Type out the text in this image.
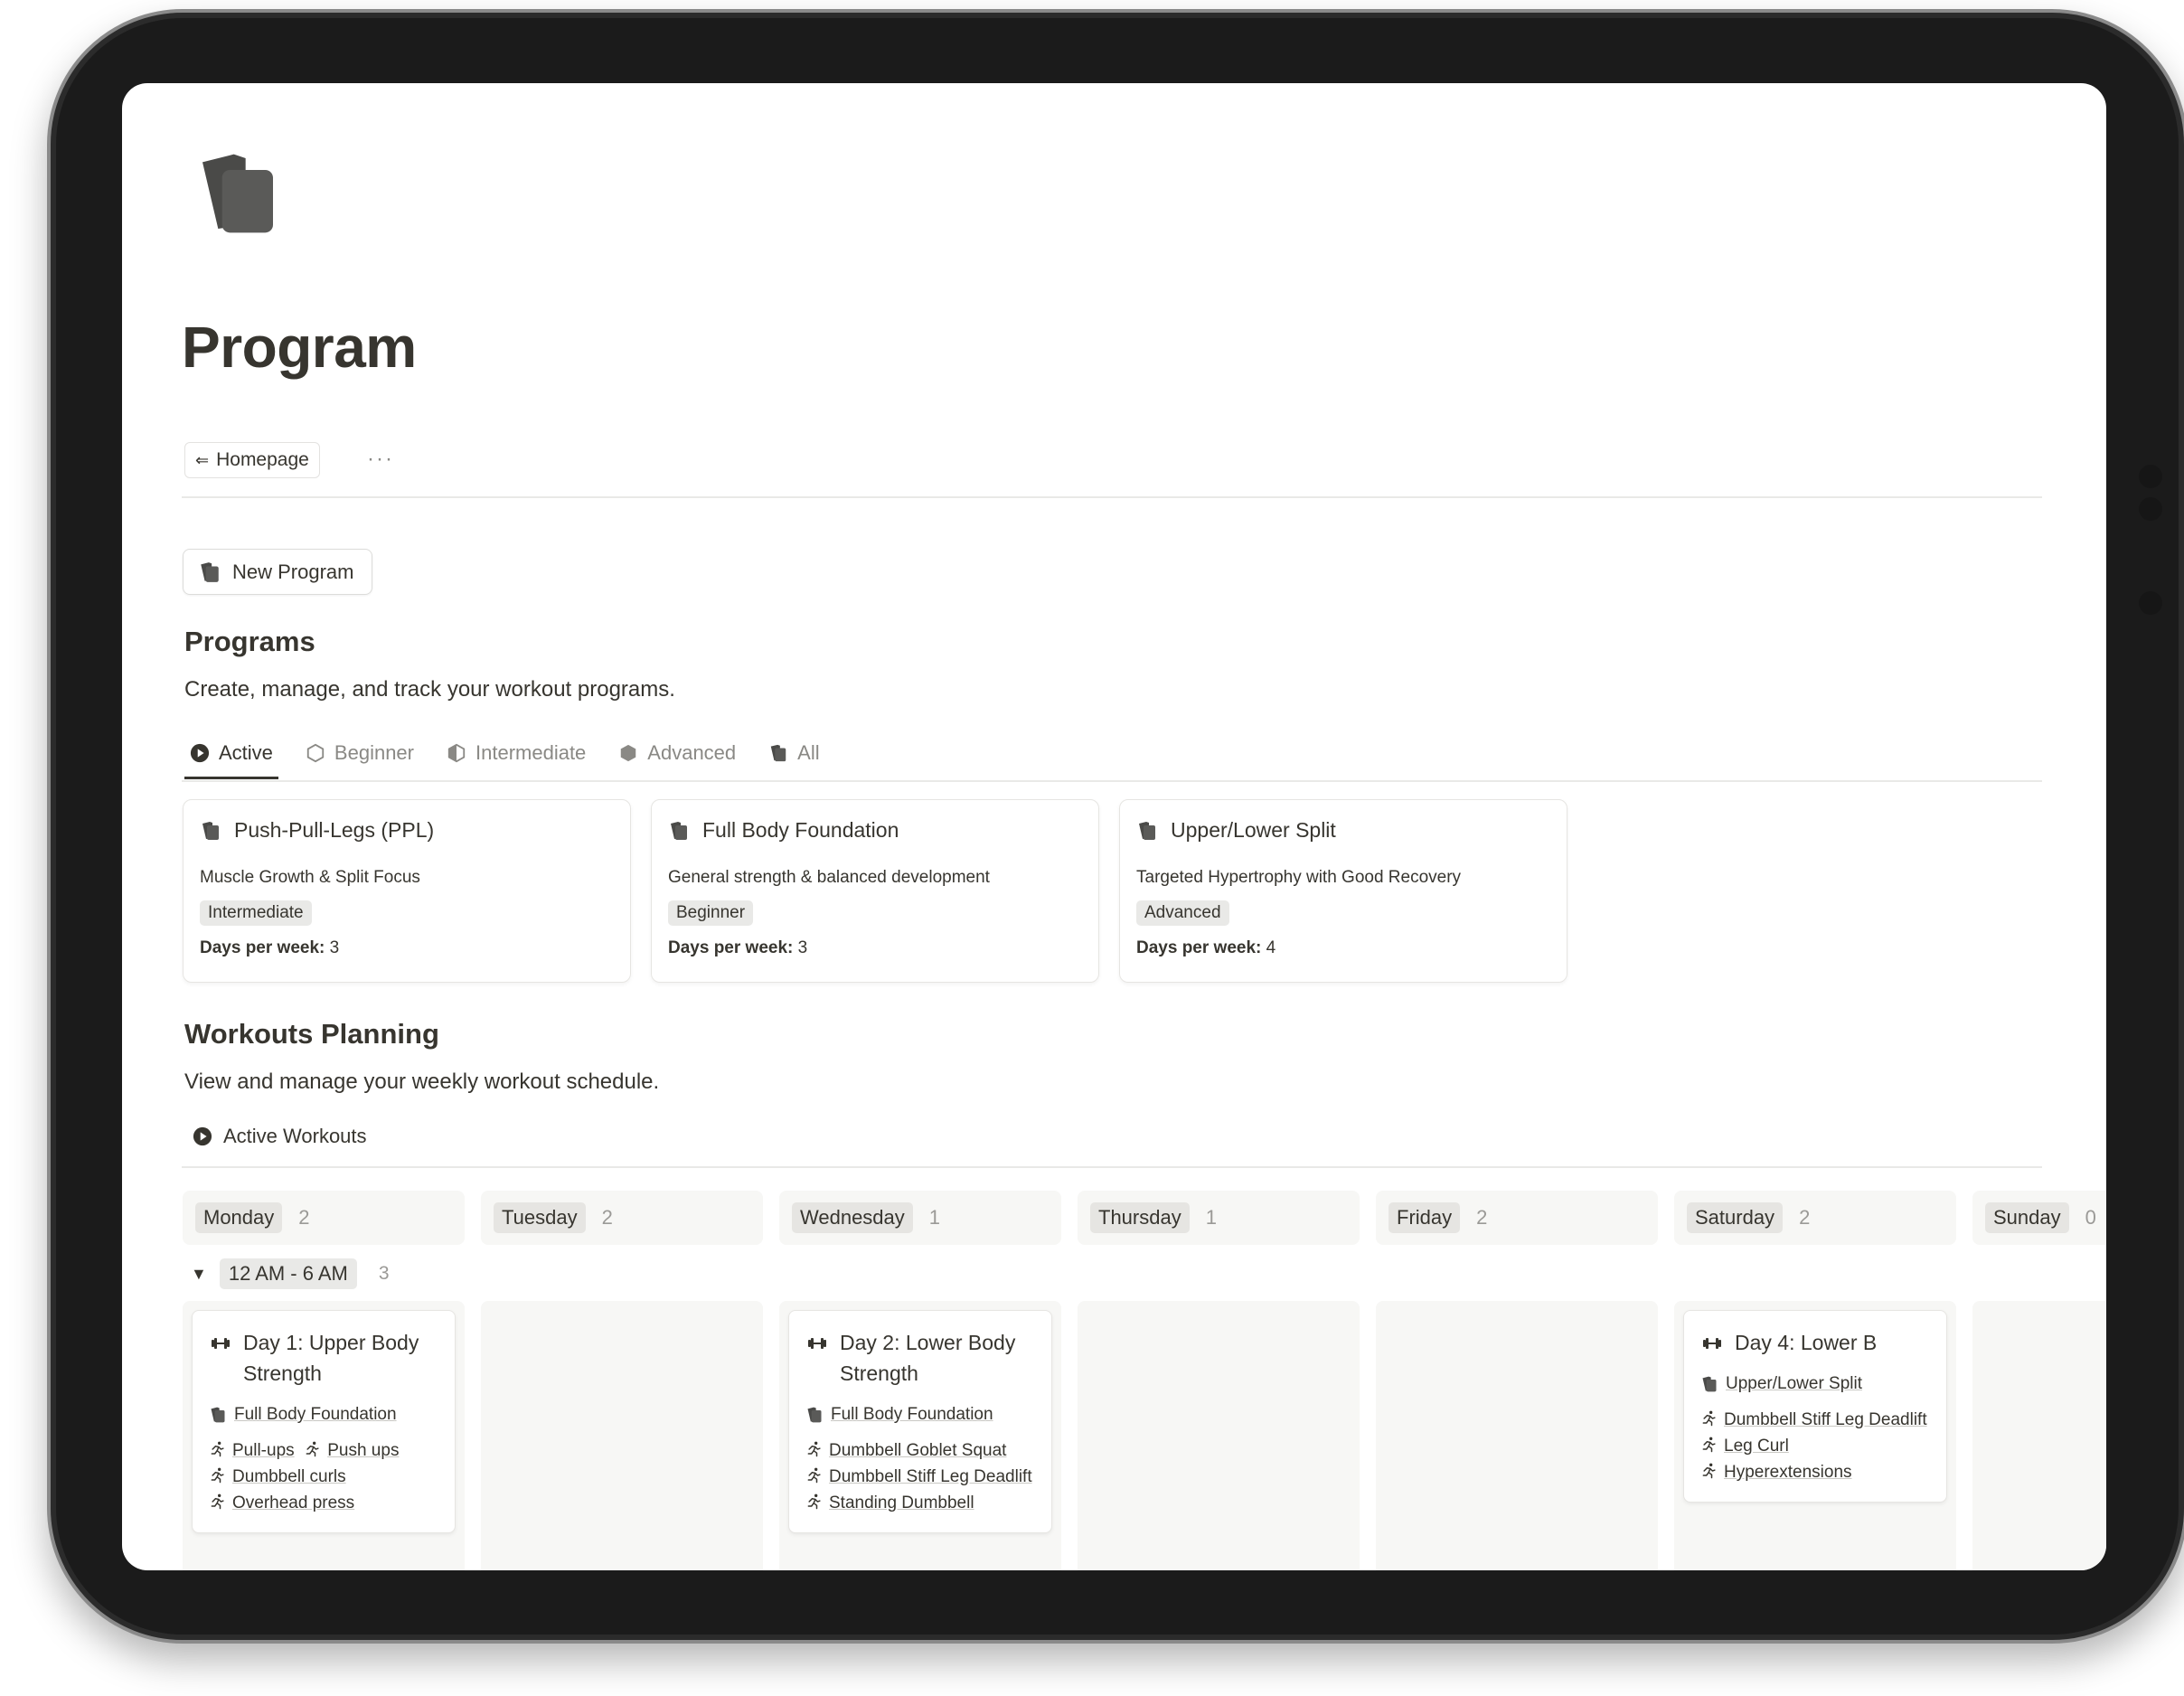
Program
⇐ Homepage	···
New Program
Programs
Create, manage, and track your workout programs.
Active	Beginner	Intermediate	Advanced	All
Push-Pull-Legs (PPL)
Muscle Growth & Split Focus
Intermediate
Days per week: 3
Full Body Foundation
General strength & balanced development
Beginner
Days per week: 3
Upper/Lower Split
Targeted Hypertrophy with Good Recovery
Advanced
Days per week: 4
Workouts Planning
View and manage your weekly workout schedule.
Active Workouts
Monday	2	Tuesday	2	Wednesday	1	Thursday	1	Friday	2	Saturday	2	Sunday	0
▼	12 AM - 6 AM	3
Day 1: Upper Body Strength
Full Body Foundation
Pull-ups Push ups
Dumbbell curls
Overhead press
Day 2: Lower Body Strength
Full Body Foundation
Dumbbell Goblet Squat
Dumbbell Stiff Leg Deadlift
Standing Dumbbell
Day 4: Lower B
Upper/Lower Split
Dumbbell Stiff Leg Deadlift
Leg Curl
Hyperextensions
